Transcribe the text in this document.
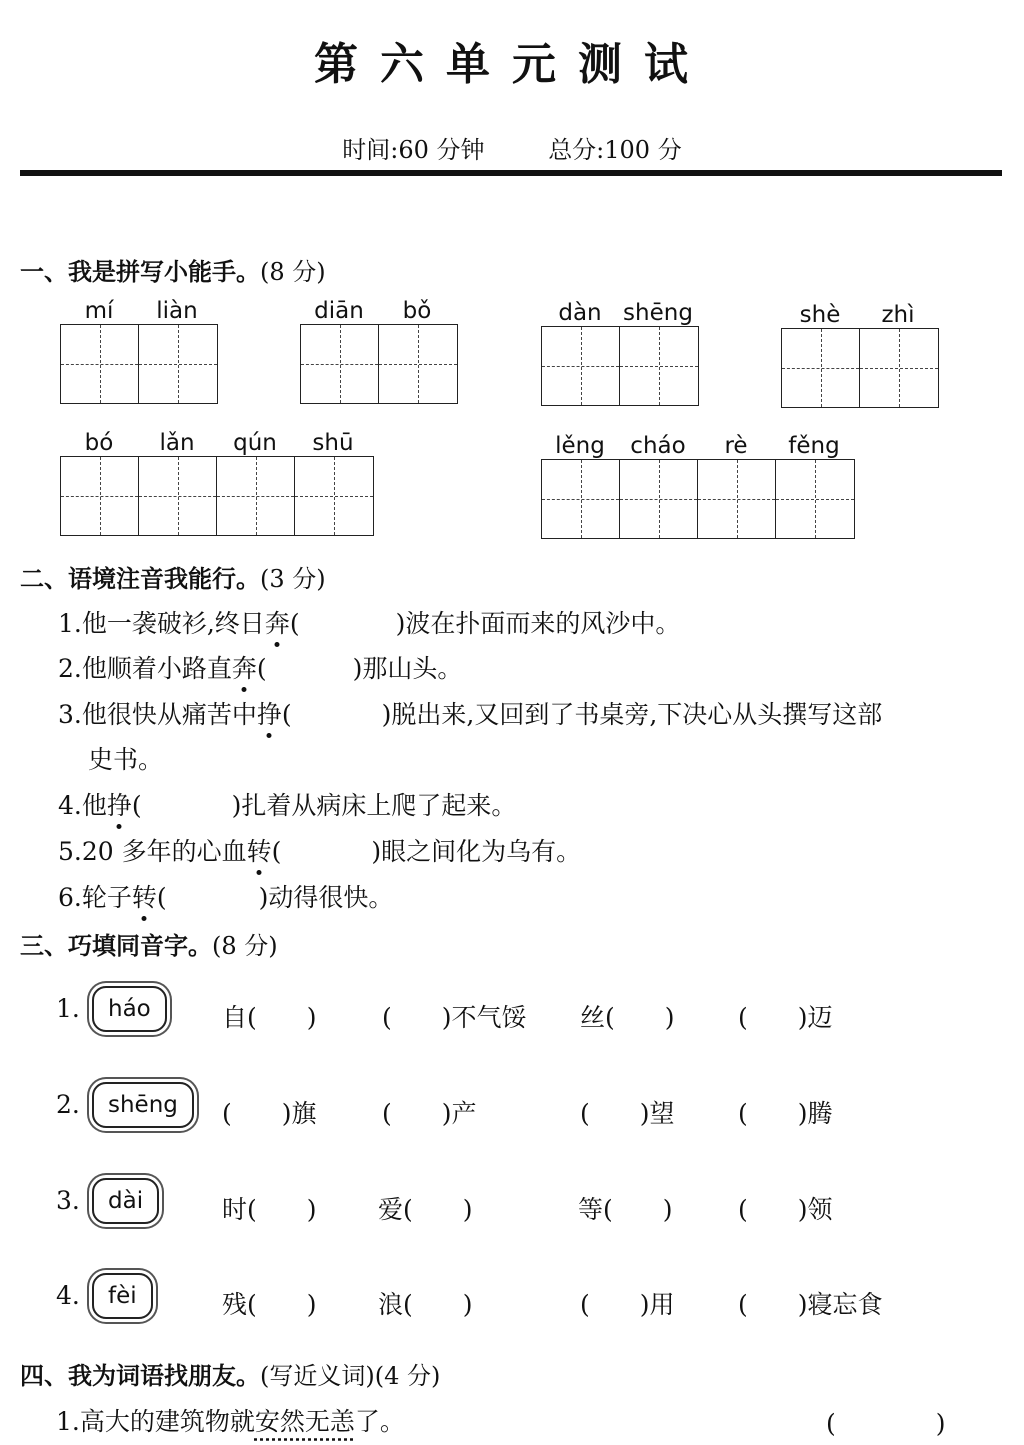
第六单元测试
时间:60 分钟	总分:100 分
一、我是拼写小能手。(8 分)
mí	liàn	diān	bǒ	dàn shēng	shè	zhì
bó	lǎn	qún	shū	lěng	cháo	rè	fěng
二、语境注音我能行。(3 分)
1.他一袭破衫,终日奔(	)波在扑面而来的风沙中。
2.他顺着小路直奔(	)那山头。
3.他很快从痛苦中挣(	)脱出来,又回到了书桌旁,下决心从头撰写这部
史书。
4.他挣(	)扎着从病床上爬了起来。
5.20 多年的心血转(	)眼之间化为乌有。
6.轮子转(	)动得很快。
三、巧填同音字。(8 分)
1.	háo	自(　　)	(　　)不气馁 丝(　　)	(　　)迈
2.	shēng	(　　)旗	(　　)产	(　　)望	(　　)腾
3.	dài	时(　　) 爱(　　)	等(　　)	(　　)领
4.	fèi	残(　　) 浪(　　)	(　　)用	(　　)寝忘食
四、我为词语找朋友。(写近义词)(4 分)
1.高大的建筑物就安然无恙了。	(　　　　)
